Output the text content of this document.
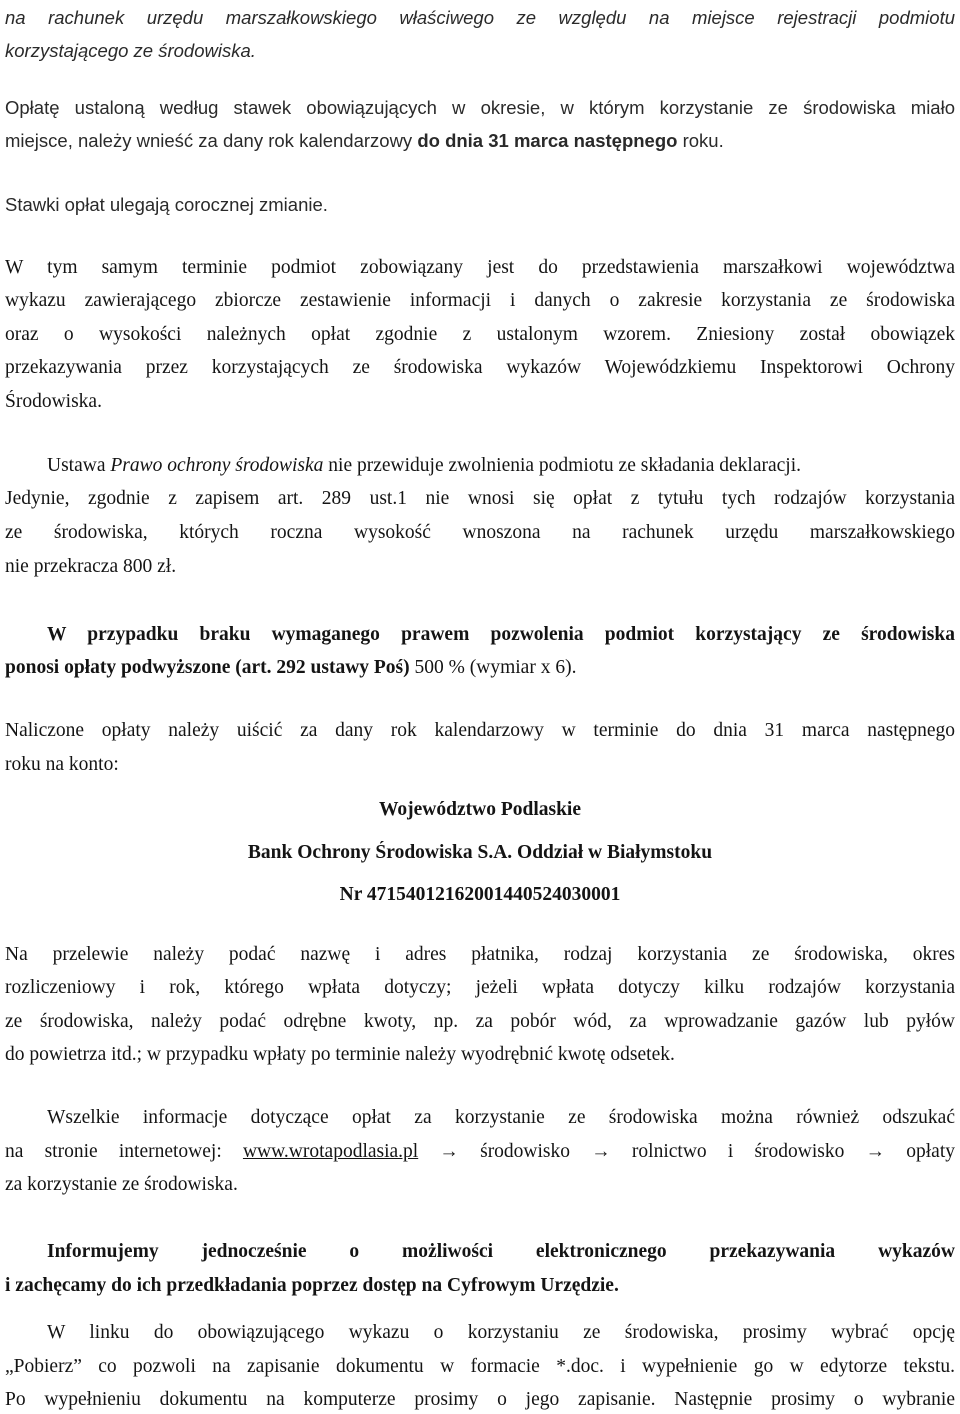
na rachunek urzędu marszałkowskiego właściwego ze względu na miejsce rejestracji podmiotu
korzystającego ze środowiska.
Opłatę ustaloną według stawek obowiązujących w okresie, w którym korzystanie ze środowiska miało
miejsce, należy wnieść za dany rok kalendarzowy do dnia 31 marca następnego roku.
Stawki opłat ulegają corocznej zmianie.
W tym samym terminie podmiot zobowiązany jest do przedstawienia marszałkowi województwa
wykazu zawierającego zbiorcze zestawienie informacji i danych o zakresie korzystania ze środowiska
oraz o wysokości należnych opłat zgodnie z ustalonym wzorem. Zniesiony został obowiązek
przekazywania przez korzystających ze środowiska wykazów Wojewódzkiemu Inspektorowi Ochrony
Środowiska.
Ustawa Prawo ochrony środowiska nie przewiduje zwolnienia podmiotu ze składania deklaracji.
Jedynie, zgodnie z zapisem art. 289 ust.1 nie wnosi się opłat z tytułu tych rodzajów korzystania
ze środowiska, których roczna wysokość wnoszona na rachunek urzędu marszałkowskiego
nie przekracza 800 zł.
W przypadku braku wymaganego prawem pozwolenia podmiot korzystający ze środowiska
ponosi opłaty podwyższone (art. 292 ustawy Poś) 500 % (wymiar x 6).
Naliczone opłaty należy uiścić za dany rok kalendarzowy w terminie do dnia 31 marca następnego
roku na konto:
Województwo Podlaskie
Bank Ochrony Środowiska S.A. Oddział w Białymstoku
Nr 47154012162001440524030001
Na przelewie należy podać nazwę i adres płatnika, rodzaj korzystania ze środowiska, okres
rozliczeniowy i rok, którego wpłata dotyczy; jeżeli wpłata dotyczy kilku rodzajów korzystania
ze środowiska, należy podać odrębne kwoty, np. za pobór wód, za wprowadzanie gazów lub pyłów
do powietrza itd.; w przypadku wpłaty po terminie należy wyodrębnić kwotę odsetek.
Wszelkie informacje dotyczące opłat za korzystanie ze środowiska można również odszukać
na stronie internetowej: www.wrotapodlasia.pl → środowisko → rolnictwo i środowisko → opłaty
za korzystanie ze środowiska.
Informujemy jednocześnie o możliwości elektronicznego przekazywania wykazów
i zachęcamy do ich przedkładania poprzez dostęp na Cyfrowym Urzędzie.
W linku do obowiązującego wykazu o korzystaniu ze środowiska, prosimy wybrać opcję
„Pobierz” co pozwoli na zapisanie dokumentu w formacie *.doc. i wypełnienie go w edytorze tekstu.
Po wypełnieniu dokumentu na komputerze prosimy o jego zapisanie. Następnie prosimy o wybranie
